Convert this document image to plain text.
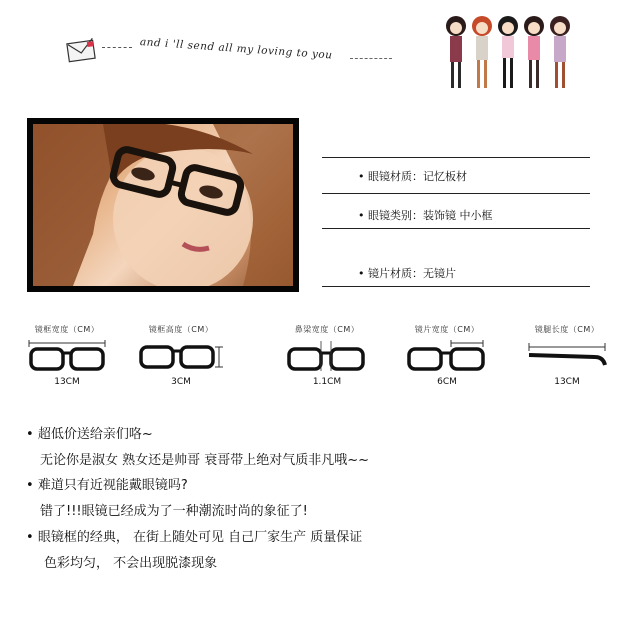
and i 'll send all my loving to you
• 眼镜材质：记忆板材
• 眼镜类别：装饰镜 中小框
• 镜片材质：无镜片
镜框宽度（CM）
13CM
镜框高度（CM）
3CM
鼻梁宽度（CM）
1.1CM
镜片宽度（CM）
6CM
镜腿长度（CM）
13CM
• 超低价送给亲们咯~
无论你是淑女 熟女还是帅哥 衰哥带上绝对气质非凡哦~~
• 难道只有近视能戴眼镜吗?
错了!!!眼镜已经成为了一种潮流时尚的象征了!
• 眼镜框的经典， 在街上随处可见 自己厂家生产 质量保证
色彩均匀， 不会出现脱漆现象
